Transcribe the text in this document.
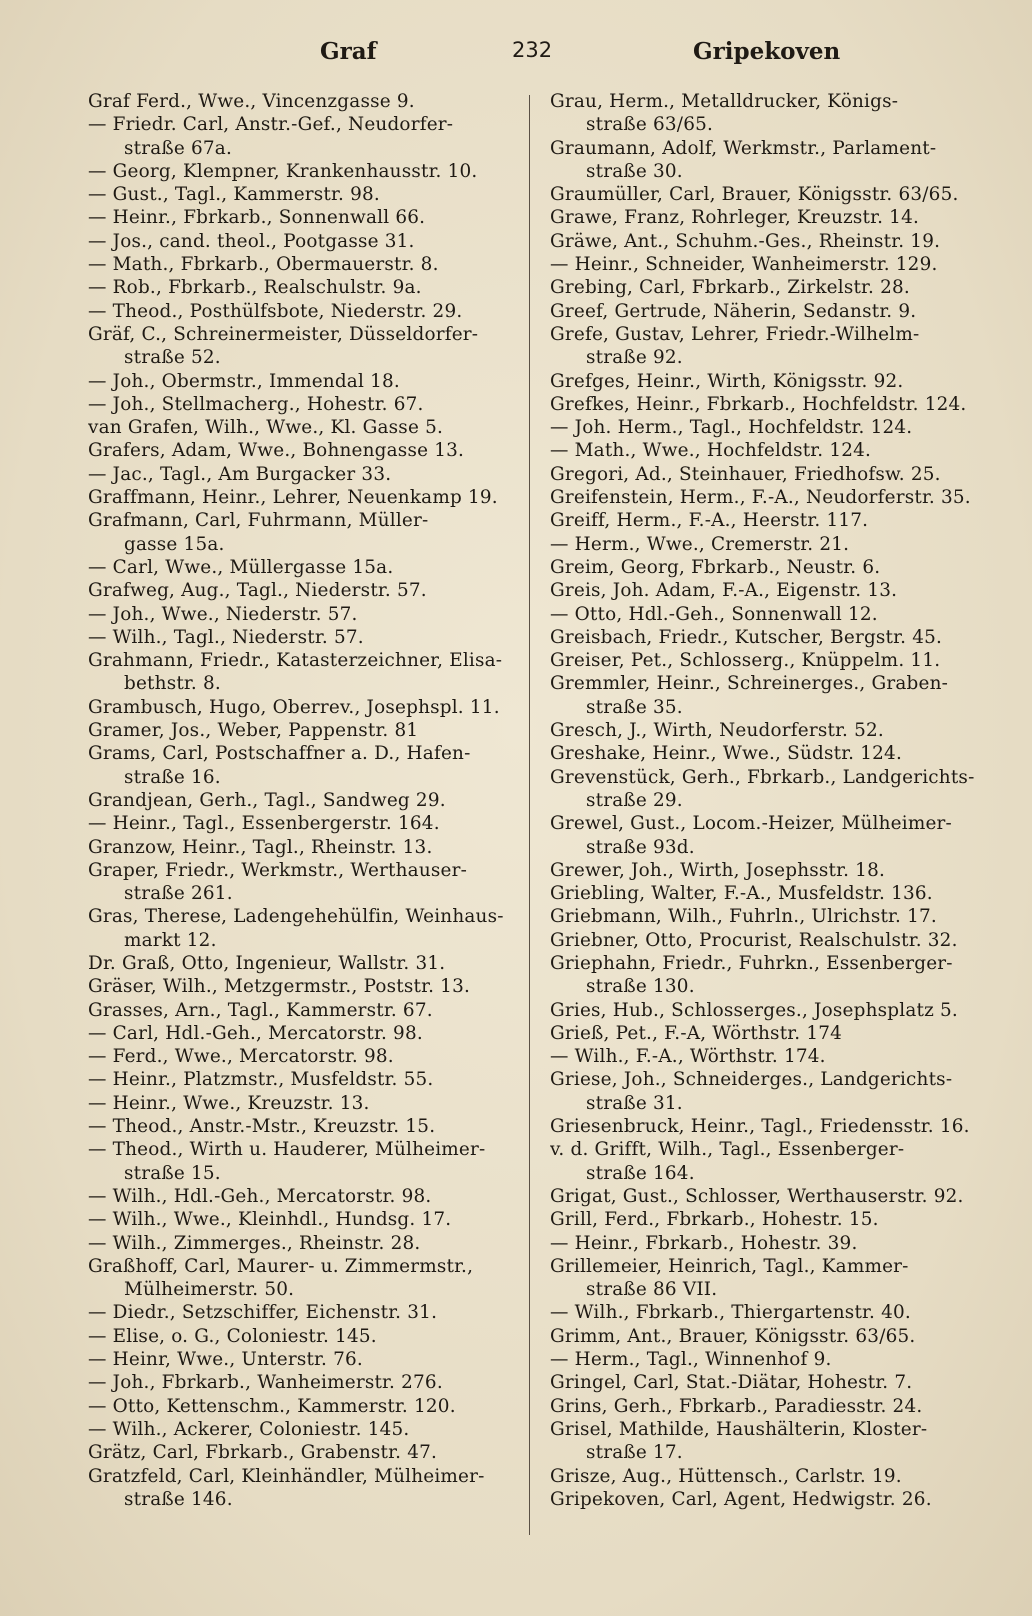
Graf	232	Gripekoven
Graf Ferd., Wwe., Vincenzgasse 9.
— Friedr. Carl, Anstr.-Gef., Neudorfer-
straße 67a.
— Georg, Klempner, Krankenhausstr. 10.
— Gust., Tagl., Kammerstr. 98.
— Heinr., Fbrkarb., Sonnenwall 66.
— Jos., cand. theol., Pootgasse 31.
— Math., Fbrkarb., Obermauerstr. 8.
— Rob., Fbrkarb., Realschulstr. 9a.
— Theod., Posthülfsbote, Niederstr. 29.
Gräf, C., Schreinermeister, Düsseldorfer-
straße 52.
— Joh., Obermstr., Immendal 18.
— Joh., Stellmacherg., Hohestr. 67.
van Grafen, Wilh., Wwe., Kl. Gasse 5.
Grafers, Adam, Wwe., Bohnengasse 13.
— Jac., Tagl., Am Burgacker 33.
Graffmann, Heinr., Lehrer, Neuenkamp 19.
Grafmann, Carl, Fuhrmann, Müller-
gasse 15a.
— Carl, Wwe., Müllergasse 15a.
Grafweg, Aug., Tagl., Niederstr. 57.
— Joh., Wwe., Niederstr. 57.
— Wilh., Tagl., Niederstr. 57.
Grahmann, Friedr., Katasterzeichner, Elisa-
bethstr. 8.
Grambusch, Hugo, Oberrev., Josephspl. 11.
Gramer, Jos., Weber, Pappenstr. 81
Grams, Carl, Postschaffner a. D., Hafen-
straße 16.
Grandjean, Gerh., Tagl., Sandweg 29.
— Heinr., Tagl., Essenbergerstr. 164.
Granzow, Heinr., Tagl., Rheinstr. 13.
Graper, Friedr., Werkmstr., Werthauser-
straße 261.
Gras, Therese, Ladengehehülfin, Weinhaus-
markt 12.
Dr. Graß, Otto, Ingenieur, Wallstr. 31.
Gräser, Wilh., Metzgermstr., Poststr. 13.
Grasses, Arn., Tagl., Kammerstr. 67.
— Carl, Hdl.-Geh., Mercatorstr. 98.
— Ferd., Wwe., Mercatorstr. 98.
— Heinr., Platzmstr., Musfeldstr. 55.
— Heinr., Wwe., Kreuzstr. 13.
— Theod., Anstr.-Mstr., Kreuzstr. 15.
— Theod., Wirth u. Hauderer, Mülheimer-
straße 15.
— Wilh., Hdl.-Geh., Mercatorstr. 98.
— Wilh., Wwe., Kleinhdl., Hundsg. 17.
— Wilh., Zimmerges., Rheinstr. 28.
Graßhoff, Carl, Maurer- u. Zimmermstr.,
Mülheimerstr. 50.
— Diedr., Setzschiffer, Eichenstr. 31.
— Elise, o. G., Coloniestr. 145.
— Heinr, Wwe., Unterstr. 76.
— Joh., Fbrkarb., Wanheimerstr. 276.
— Otto, Kettenschm., Kammerstr. 120.
— Wilh., Ackerer, Coloniestr. 145.
Grätz, Carl, Fbrkarb., Grabenstr. 47.
Gratzfeld, Carl, Kleinhändler, Mülheimer-
straße 146.
Grau, Herm., Metalldrucker, Königs-
straße 63/65.
Graumann, Adolf, Werkmstr., Parlament-
straße 30.
Graumüller, Carl, Brauer, Königsstr. 63/65.
Grawe, Franz, Rohrleger, Kreuzstr. 14.
Gräwe, Ant., Schuhm.-Ges., Rheinstr. 19.
— Heinr., Schneider, Wanheimerstr. 129.
Grebing, Carl, Fbrkarb., Zirkelstr. 28.
Greef, Gertrude, Näherin, Sedanstr. 9.
Grefe, Gustav, Lehrer, Friedr.-Wilhelm-
straße 92.
Grefges, Heinr., Wirth, Königsstr. 92.
Grefkes, Heinr., Fbrkarb., Hochfeldstr. 124.
— Joh. Herm., Tagl., Hochfeldstr. 124.
— Math., Wwe., Hochfeldstr. 124.
Gregori, Ad., Steinhauer, Friedhofsw. 25.
Greifenstein, Herm., F.-A., Neudorferstr. 35.
Greiff, Herm., F.-A., Heerstr. 117.
— Herm., Wwe., Cremerstr. 21.
Greim, Georg, Fbrkarb., Neustr. 6.
Greis, Joh. Adam, F.-A., Eigenstr. 13.
— Otto, Hdl.-Geh., Sonnenwall 12.
Greisbach, Friedr., Kutscher, Bergstr. 45.
Greiser, Pet., Schlosserg., Knüppelm. 11.
Gremmler, Heinr., Schreinerges., Graben-
straße 35.
Gresch, J., Wirth, Neudorferstr. 52.
Greshake, Heinr., Wwe., Südstr. 124.
Grevenstück, Gerh., Fbrkarb., Landgerichts-
straße 29.
Grewel, Gust., Locom.-Heizer, Mülheimer-
straße 93d.
Grewer, Joh., Wirth, Josephsstr. 18.
Griebling, Walter, F.-A., Musfeldstr. 136.
Griebmann, Wilh., Fuhrln., Ulrichstr. 17.
Griebner, Otto, Procurist, Realschulstr. 32.
Griephahn, Friedr., Fuhrkn., Essenberger-
straße 130.
Gries, Hub., Schlosserges., Josephsplatz 5.
Grieß, Pet., F.-A, Wörthstr. 174
— Wilh., F.-A., Wörthstr. 174.
Griese, Joh., Schneiderges., Landgerichts-
straße 31.
Griesenbruck, Heinr., Tagl., Friedensstr. 16.
v. d. Grifft, Wilh., Tagl., Essenberger-
straße 164.
Grigat, Gust., Schlosser, Werthauserstr. 92.
Grill, Ferd., Fbrkarb., Hohestr. 15.
— Heinr., Fbrkarb., Hohestr. 39.
Grillemeier, Heinrich, Tagl., Kammer-
straße 86 VII.
— Wilh., Fbrkarb., Thiergartenstr. 40.
Grimm, Ant., Brauer, Königsstr. 63/65.
— Herm., Tagl., Winnenhof 9.
Gringel, Carl, Stat.-Diätar, Hohestr. 7.
Grins, Gerh., Fbrkarb., Paradiesstr. 24.
Grisel, Mathilde, Haushälterin, Kloster-
straße 17.
Grisze, Aug., Hüttensch., Carlstr. 19.
Gripekoven, Carl, Agent, Hedwigstr. 26.
